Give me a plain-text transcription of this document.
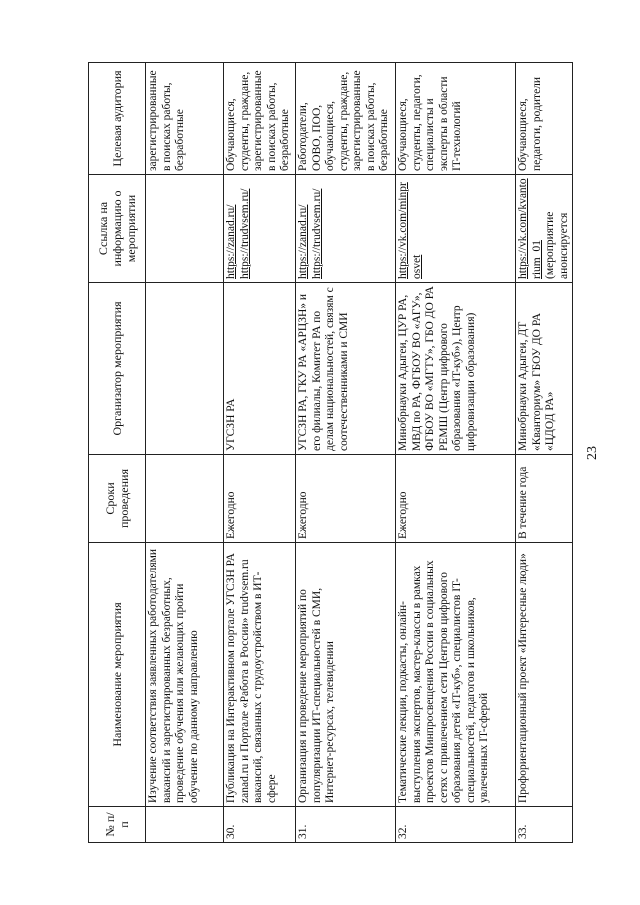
№ п/п	Наименование мероприятия	Сроки проведения	Организатор мероприятия	Ссылка на информацию о мероприятии	Целевая аудитория
	Изучение соответствия заявленных работодателями вакансий и зарегистрированных безработных, проведение обучения или желающих пройти обучение по данному направлению				зарегистрированные в поисках работы, безработные
30.	Публикация на Интерактивном портале УГСЗН РА zanad.ru и Портале «Работа в России» trudvsem.ru вакансий, связанных с трудоустройством в ИТ-сфере	Ежегодно	УГСЗН РА	https://zanad.ru/ https://trudvsem.ru/	Обучающиеся, студенты, граждане, зарегистрированные в поисках работы, безработные
31.	Организация и проведение мероприятий по популяризации ИТ-специальностей в СМИ, Интернет-ресурсах, телевидении	Ежегодно	УГСЗН РА, ГКУ РА «АРЦЗН» и его филиалы, Комитет РА по делам национальностей, связям с соотечественниками и СМИ	https://zanad.ru/ https://trudvsem.ru/	Работодатели, ООВО, ПОО, обучающиеся, студенты, граждане, зарегистрированные в поисках работы, безработные
32.	Тематические лекции, подкасты, онлайн-выступления экспертов, мастер-классы в рамках проектов Минпросвещения России в социальных сетях с привлечением сети Центров цифрового образования детей «IT-куб», специалистов IT-специальностей, педагогов и школьников, увлеченных IT-сферой	Ежегодно	Минобрнауки Адыгеи, ЦУР РА, МВД по РА, ФГБОУ ВО «АГУ», ФГБОУ ВО «МГТУ», ГБО ДО РА РЕМШ (Центр цифрового образования «IT-куб»), Центр цифровизации образования)	https://vk.com/minprosvet	Обучающиеся, студенты, педагоги, специалисты и эксперты в области IT-технологий
33.	Профориентационный проект «Интересные люди»	В течение года	Минобрнауки Адыгеи, ДТ «Кванториум» ГБОУ ДО РА «ЦДОД РА»	https://vk.com/kvantorium_01 (мероприятие анонсируется	Обучающиеся, педагоги, родители
23
